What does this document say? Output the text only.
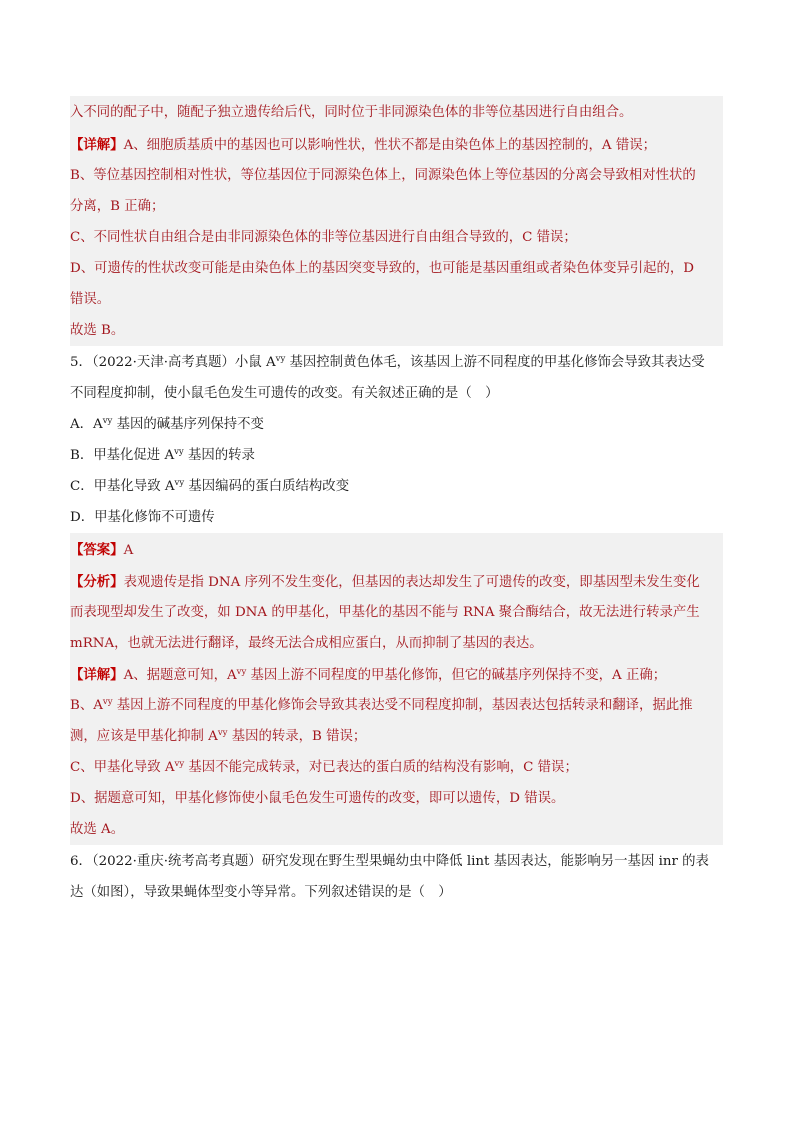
入不同的配子中，随配子独立遗传给后代，同时位于非同源染色体的非等位基因进行自由组合。
【详解】A、细胞质基质中的基因也可以影响性状，性状不都是由染色体上的基因控制的，A 错误；
B、等位基因控制相对性状，等位基因位于同源染色体上，同源染色体上等位基因的分离会导致相对性状的
分离，B 正确；
C、不同性状自由组合是由非同源染色体的非等位基因进行自由组合导致的，C 错误；
D、可遗传的性状改变可能是由染色体上的基因突变导致的，也可能是基因重组或者染色体变异引起的，D
错误。
故选 B。
5．（2022·天津·高考真题）小鼠 $A^{vy}$ 基因控制黄色体毛，该基因上游不同程度的甲基化修饰会导致其表达受
不同程度抑制，使小鼠毛色发生可遗传的改变。有关叙述正确的是（　）
A．$A^{vy}$ 基因的碱基序列保持不变
B．甲基化促进 $A^{vy}$ 基因的转录
C．甲基化导致 $A^{vy}$ 基因编码的蛋白质结构改变
D．甲基化修饰不可遗传
【答案】A
【分析】表观遗传是指 DNA 序列不发生变化，但基因的表达却发生了可遗传的改变，即基因型未发生变化
而表现型却发生了改变，如 DNA 的甲基化，甲基化的基因不能与 RNA 聚合酶结合，故无法进行转录产生
mRNA，也就无法进行翻译，最终无法合成相应蛋白，从而抑制了基因的表达。
【详解】A、据题意可知，$A^{vy}$ 基因上游不同程度的甲基化修饰，但它的碱基序列保持不变，A 正确；
B、$A^{vy}$ 基因上游不同程度的甲基化修饰会导致其表达受不同程度抑制，基因表达包括转录和翻译，据此推
测，应该是甲基化抑制 $A^{vy}$ 基因的转录，B 错误；
C、甲基化导致 $A^{vy}$ 基因不能完成转录，对已表达的蛋白质的结构没有影响，C 错误；
D、据题意可知，甲基化修饰使小鼠毛色发生可遗传的改变，即可以遗传，D 错误。
故选 A。
6．（2022·重庆·统考高考真题）研究发现在野生型果蝇幼虫中降低 lint 基因表达，能影响另一基因 inr 的表
达（如图），导致果蝇体型变小等异常。下列叙述错误的是（　）
